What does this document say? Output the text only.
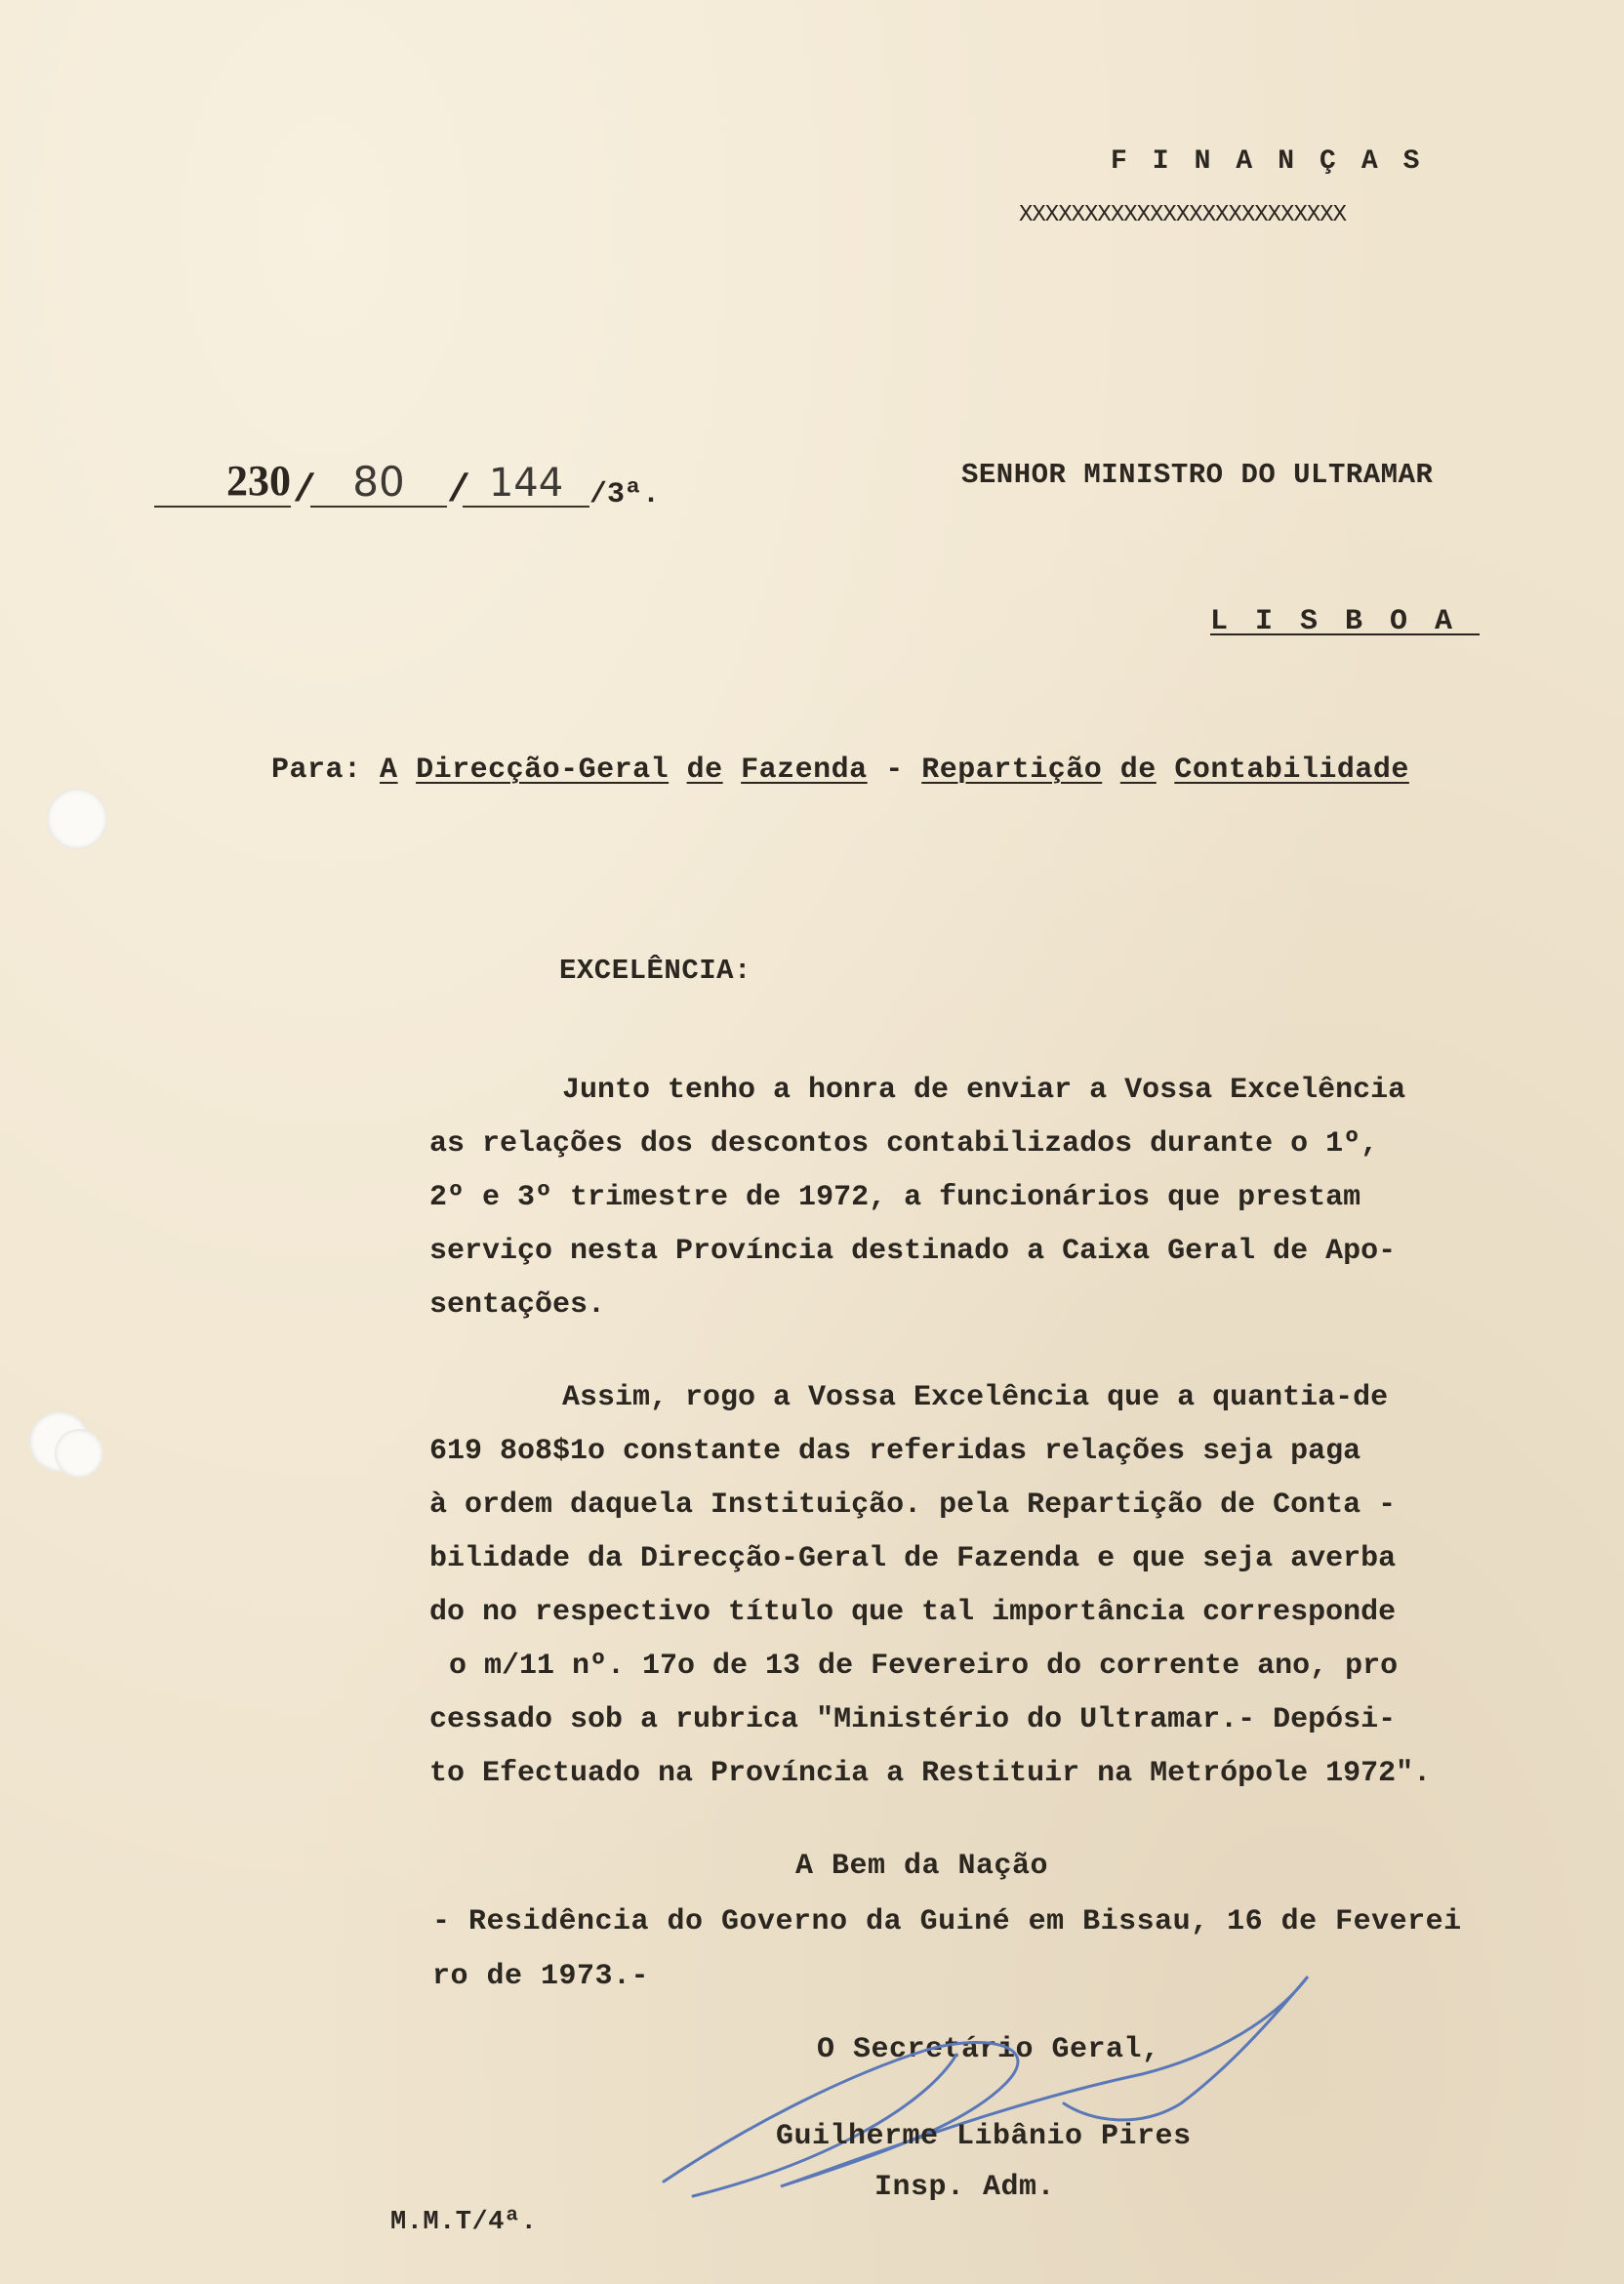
FINANÇAS
XXXXXXXXXXXXXXXXXXXXXXXXX
230 / 80	/ 144 /3ª.
SENHOR MINISTRO DO ULTRAMAR
LISBOA
Para: A Direcção-Geral de Fazenda - Repartição de Contabilidade
EXCELÊNCIA:

Junto tenho a honra de enviar a Vossa Excelência
as relações dos descontos contabilizados durante o 1º,
2º e 3º trimestre de 1972, a funcionários que prestam
serviço nesta Província destinado a Caixa Geral de Apo-
sentações.

Assim, rogo a Vossa Excelência que a quantia-de
619 8o8$1o constante das referidas relações seja paga
à ordem daquela Instituição. pela Repartição de Conta -
bilidade da Direcção-Geral de Fazenda e que seja averba
do no respectivo título que tal importância corresponde
o m/11 nº. 17o de 13 de Fevereiro do corrente ano, pro
cessado sob a rubrica "Ministério do Ultramar.- Depósi-
to Efectuado na Província a Restituir na Metrópole 1972".

A Bem da Nação
- Residência do Governo da Guiné em Bissau, 16 de Feverei
ro de 1973.-
O Secretário Geral,
Guilherme Libânio Pires
Insp. Adm.
M.M.T/4ª.
